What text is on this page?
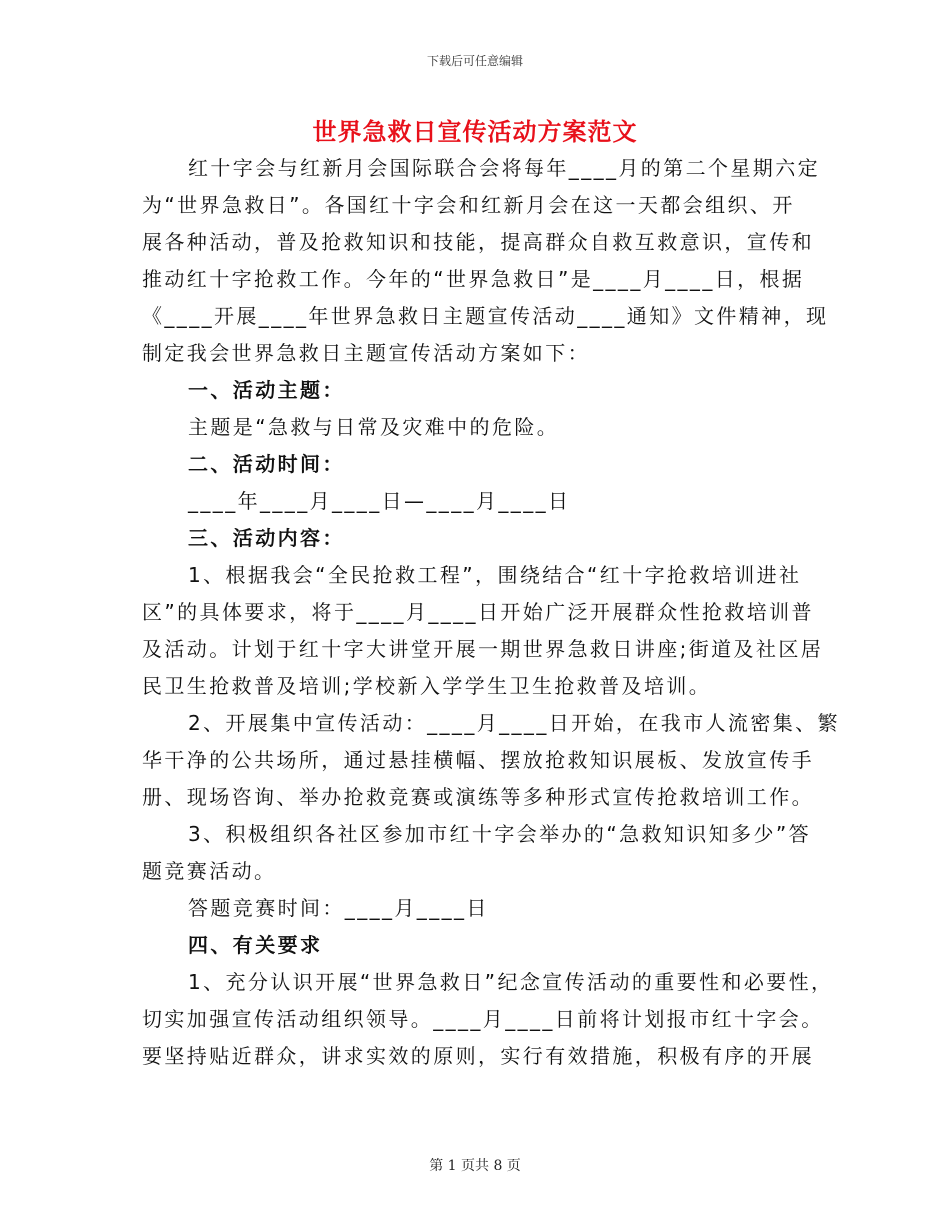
下载后可任意编辑
世界急救日宣传活动方案范文
红十字会与红新月会国际联合会将每年____月的第二个星期六定
为“世界急救日”。各国红十字会和红新月会在这一天都会组织、开
展各种活动，普及抢救知识和技能，提高群众自救互救意识，宣传和
推动红十字抢救工作。今年的“世界急救日”是____月____日，根据
《____开展____年世界急救日主题宣传活动____通知》文件精神，现
制定我会世界急救日主题宣传活动方案如下：
一、活动主题：
主题是“急救与日常及灾难中的危险。
二、活动时间：
____年____月____日—____月____日
三、活动内容：
1、根据我会“全民抢救工程”，围绕结合“红十字抢救培训进社
区”的具体要求，将于____月____日开始广泛开展群众性抢救培训普
及活动。计划于红十字大讲堂开展一期世界急救日讲座;街道及社区居
民卫生抢救普及培训;学校新入学学生卫生抢救普及培训。
2、开展集中宣传活动：____月____日开始，在我市人流密集、繁
华干净的公共场所，通过悬挂横幅、摆放抢救知识展板、发放宣传手
册、现场咨询、举办抢救竞赛或演练等多种形式宣传抢救培训工作。
3、积极组织各社区参加市红十字会举办的“急救知识知多少”答
题竞赛活动。
答题竞赛时间：____月____日
四、有关要求
1、充分认识开展“世界急救日”纪念宣传活动的重要性和必要性，
切实加强宣传活动组织领导。____月____日前将计划报市红十字会。
要坚持贴近群众，讲求实效的原则，实行有效措施，积极有序的开展
第 1 页共 8 页
